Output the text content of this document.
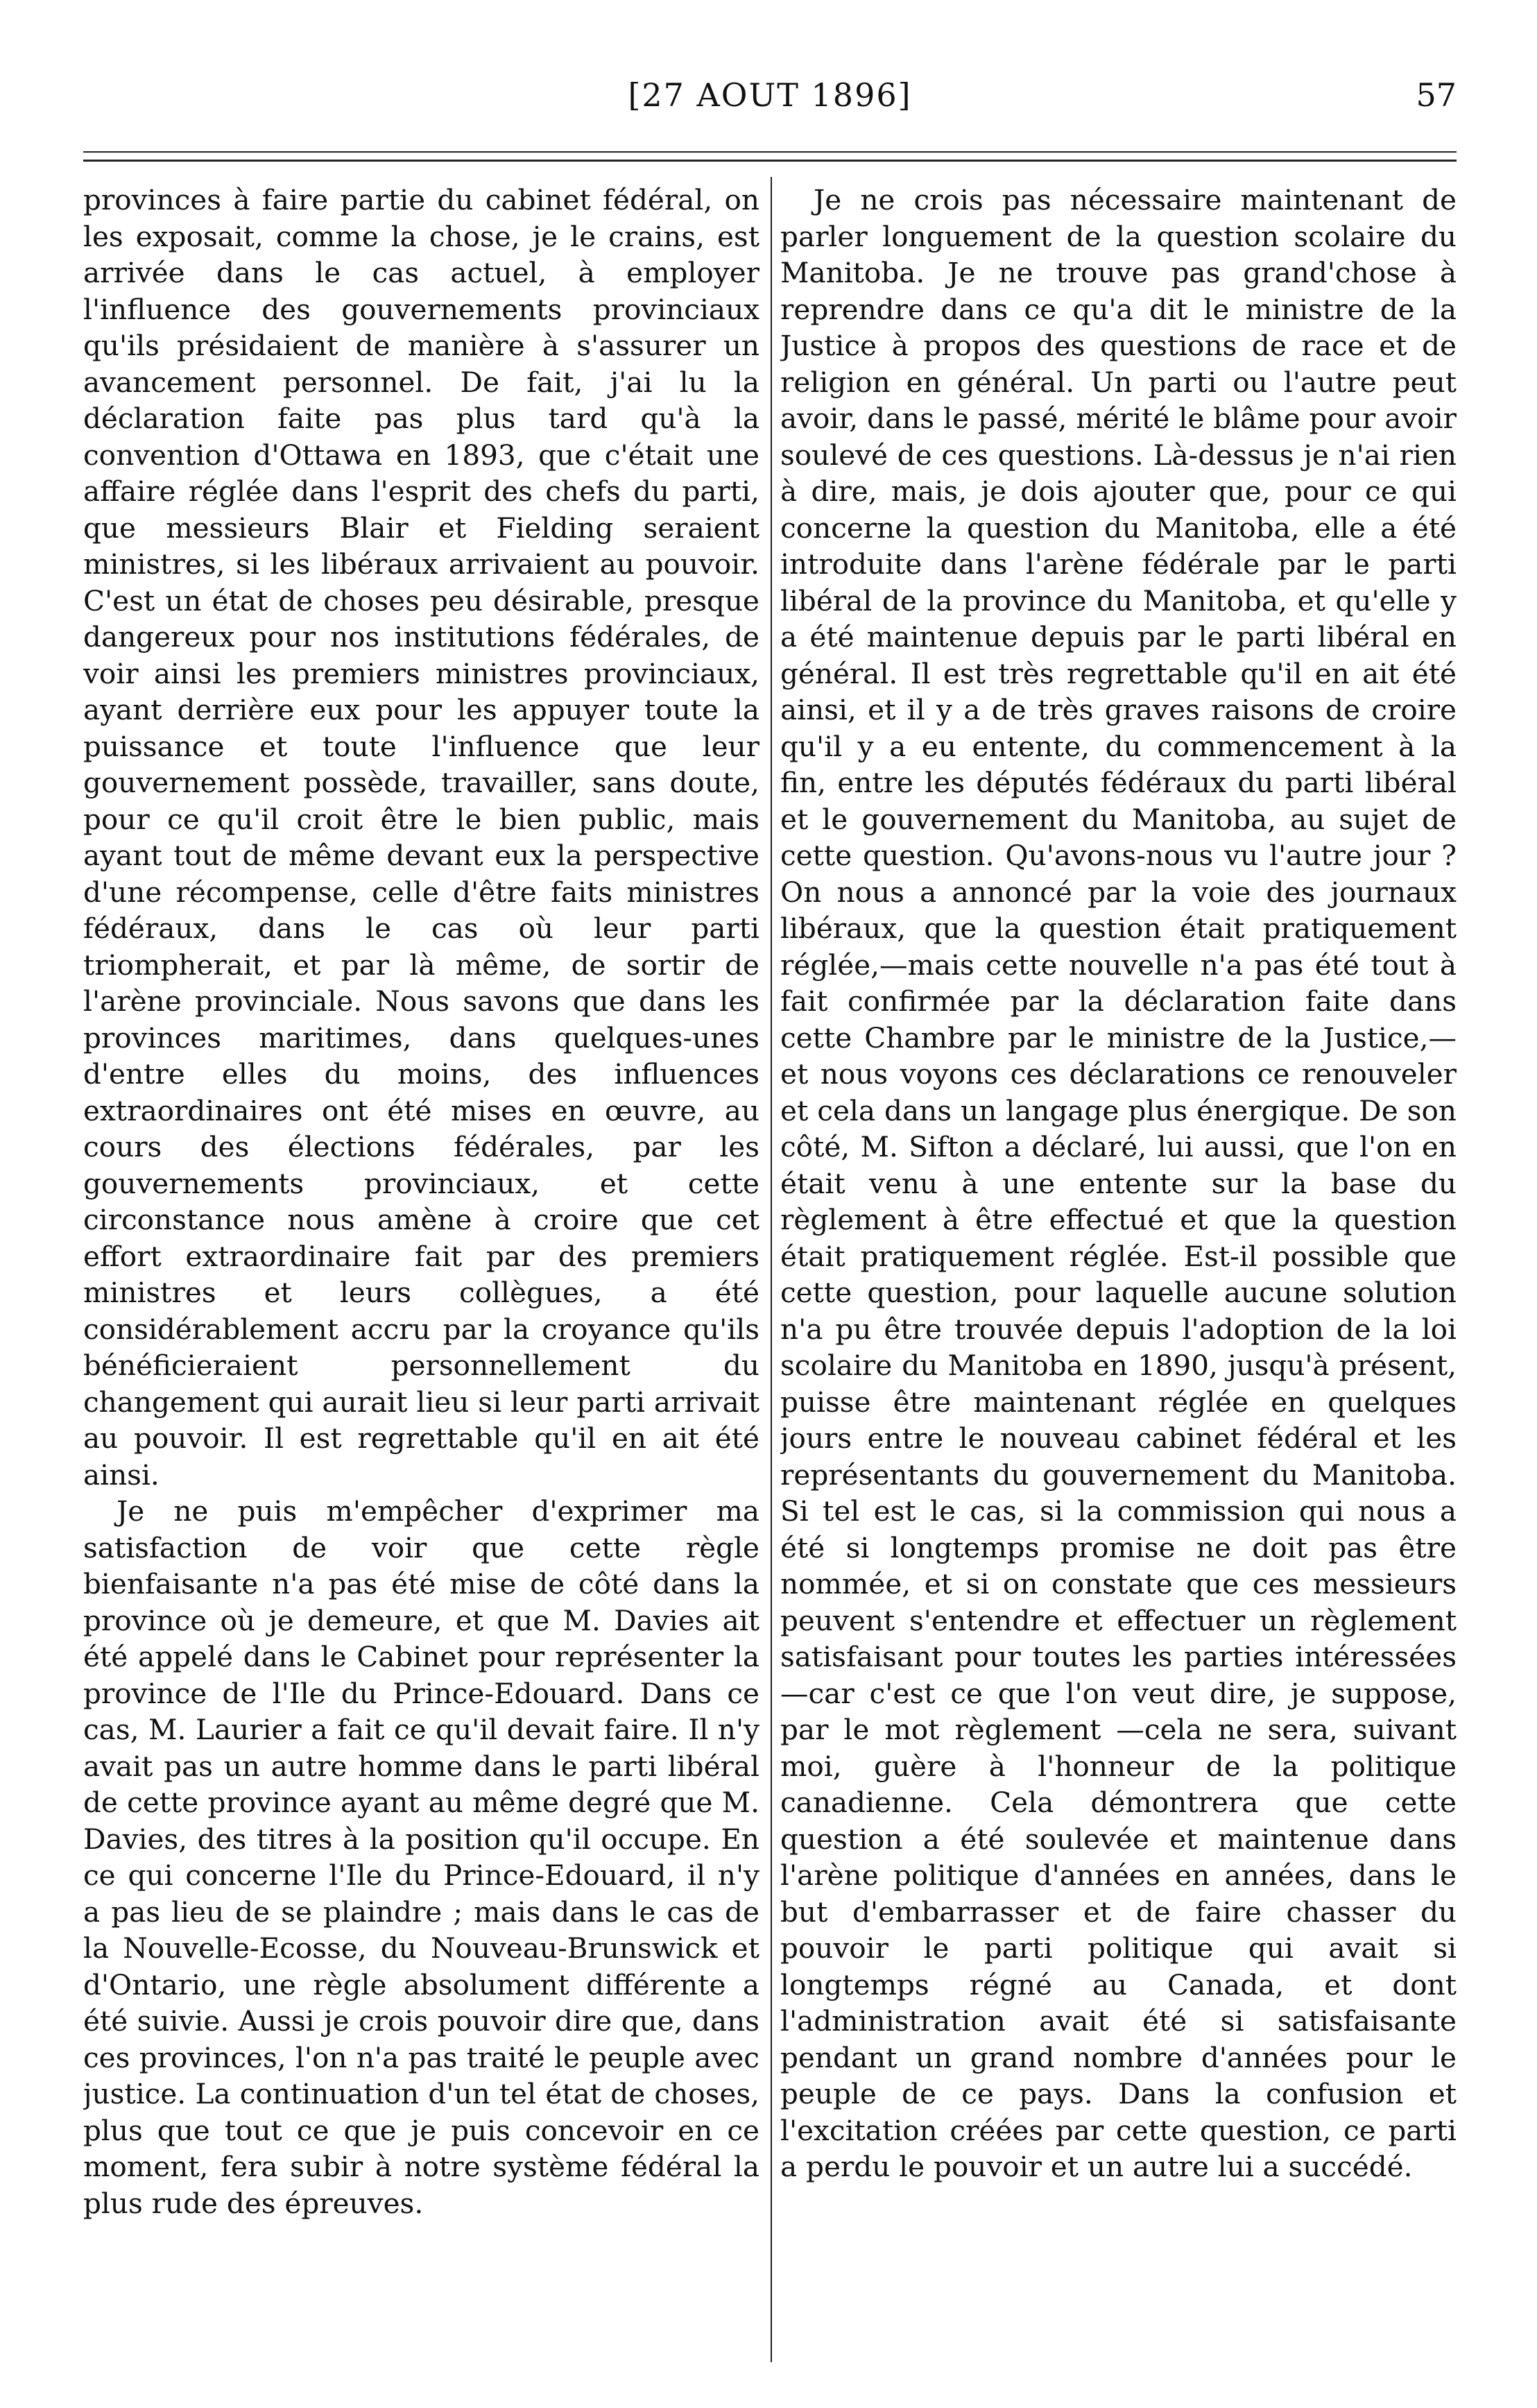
[27 AOUT 1896]	57

provinces à faire partie du cabinet fédéral, on les exposait, comme la chose, je le crains, est arrivée dans le cas actuel, à employer l'influence des gouvernements provinciaux qu'ils présidaient de manière à s'assurer un avancement personnel. De fait, j'ai lu la déclaration faite pas plus tard qu'à la convention d'Ottawa en 1893, que c'était une affaire réglée dans l'esprit des chefs du parti, que messieurs Blair et Fielding seraient ministres, si les libéraux arrivaient au pouvoir. C'est un état de choses peu désirable, presque dangereux pour nos institutions fédérales, de voir ainsi les premiers ministres provinciaux, ayant derrière eux pour les appuyer toute la puissance et toute l'influence que leur gouvernement possède, travailler, sans doute, pour ce qu'il croit être le bien public, mais ayant tout de même devant eux la perspective d'une récompense, celle d'être faits ministres fédéraux, dans le cas où leur parti triompherait, et par là même, de sortir de l'arène provinciale. Nous savons que dans les provinces maritimes, dans quelques-unes d'entre elles du moins, des influences extraordinaires ont été mises en œuvre, au cours des élections fédérales, par les gouvernements provinciaux, et cette circonstance nous amène à croire que cet effort extraordinaire fait par des premiers ministres et leurs collègues, a été considérablement accru par la croyance qu'ils bénéficieraient personnellement du changement qui aurait lieu si leur parti arrivait au pouvoir. Il est regrettable qu'il en ait été ainsi.

Je ne puis m'empêcher d'exprimer ma satisfaction de voir que cette règle bienfaisante n'a pas été mise de côté dans la province où je demeure, et que M. Davies ait été appelé dans le Cabinet pour représenter la province de l'Ile du Prince-Edouard. Dans ce cas, M. Laurier a fait ce qu'il devait faire. Il n'y avait pas un autre homme dans le parti libéral de cette province ayant au même degré que M. Davies, des titres à la position qu'il occupe. En ce qui concerne l'Ile du Prince-Edouard, il n'y a pas lieu de se plaindre ; mais dans le cas de la Nouvelle-Ecosse, du Nouveau-Brunswick et d'Ontario, une règle absolument différente a été suivie. Aussi je crois pouvoir dire que, dans ces provinces, l'on n'a pas traité le peuple avec justice. La continuation d'un tel état de choses, plus que tout ce que je puis concevoir en ce moment, fera subir à notre système fédéral la plus rude des épreuves.

Je ne crois pas nécessaire maintenant de parler longuement de la question scolaire du Manitoba. Je ne trouve pas grand'chose à reprendre dans ce qu'a dit le ministre de la Justice à propos des questions de race et de religion en général. Un parti ou l'autre peut avoir, dans le passé, mérité le blâme pour avoir soulevé de ces questions. Là-dessus je n'ai rien à dire, mais, je dois ajouter que, pour ce qui concerne la question du Manitoba, elle a été introduite dans l'arène fédérale par le parti libéral de la province du Manitoba, et qu'elle y a été maintenue depuis par le parti libéral en général. Il est très regrettable qu'il en ait été ainsi, et il y a de très graves raisons de croire qu'il y a eu entente, du commencement à la fin, entre les députés fédéraux du parti libéral et le gouvernement du Manitoba, au sujet de cette question. Qu'avons-nous vu l'autre jour ? On nous a annoncé par la voie des journaux libéraux, que la question était pratiquement réglée,—mais cette nouvelle n'a pas été tout à fait confirmée par la déclaration faite dans cette Chambre par le ministre de la Justice,—et nous voyons ces déclarations ce renouveler et cela dans un langage plus énergique. De son côté, M. Sifton a déclaré, lui aussi, que l'on en était venu à une entente sur la base du règlement à être effectué et que la question était pratiquement réglée. Est-il possible que cette question, pour laquelle aucune solution n'a pu être trouvée depuis l'adoption de la loi scolaire du Manitoba en 1890, jusqu'à présent, puisse être maintenant réglée en quelques jours entre le nouveau cabinet fédéral et les représentants du gouvernement du Manitoba. Si tel est le cas, si la commission qui nous a été si longtemps promise ne doit pas être nommée, et si on constate que ces messieurs peuvent s'entendre et effectuer un règlement satisfaisant pour toutes les parties intéressées—car c'est ce que l'on veut dire, je suppose, par le mot règlement —cela ne sera, suivant moi, guère à l'honneur de la politique canadienne. Cela démontrera que cette question a été soulevée et maintenue dans l'arène politique d'années en années, dans le but d'embarrasser et de faire chasser du pouvoir le parti politique qui avait si longtemps régné au Canada, et dont l'administration avait été si satisfaisante pendant un grand nombre d'années pour le peuple de ce pays. Dans la confusion et l'excitation créées par cette question, ce parti a perdu le pouvoir et un autre lui a succédé.
